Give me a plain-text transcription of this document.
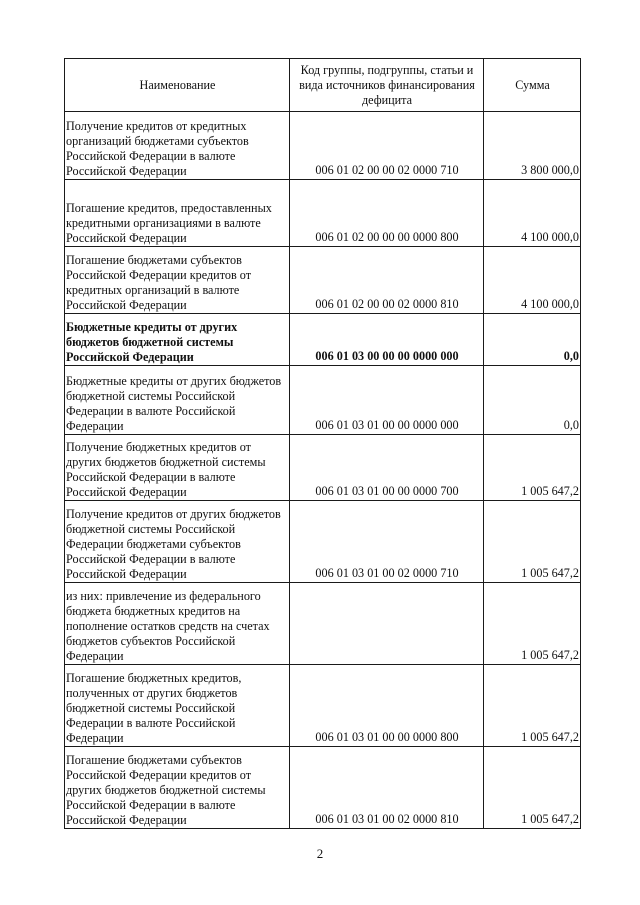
Наименование	Код группы, подгруппы, статьи и вида источников финансирования дефицита	Сумма
Получение кредитов от кредитных организаций бюджетами субъектов Российской Федерации в валюте Российской Федерации	006 01 02 00 00 02 0000 710	3 800 000,0
Погашение кредитов, предоставленных кредитными организациями в валюте Российской Федерации	006 01 02 00 00 00 0000 800	4 100 000,0
Погашение бюджетами субъектов Российской Федерации кредитов от кредитных организаций в валюте Российской Федерации	006 01 02 00 00 02 0000 810	4 100 000,0
Бюджетные кредиты от других бюджетов бюджетной системы Российской Федерации	006 01 03 00 00 00 0000 000	0,0
Бюджетные кредиты от других бюджетов бюджетной системы Российской Федерации в валюте Российской Федерации	006 01 03 01 00 00 0000 000	0,0
Получение бюджетных кредитов от других бюджетов бюджетной системы Российской Федерации в валюте Российской Федерации	006 01 03 01 00 00 0000 700	1 005 647,2
Получение кредитов от других бюджетов бюджетной системы Российской Федерации бюджетами субъектов Российской Федерации в валюте Российской Федерации	006 01 03 01 00 02 0000 710	1 005 647,2
из них: привлечение из федерального бюджета бюджетных кредитов на пополнение остатков средств на счетах бюджетов субъектов Российской Федерации		1 005 647,2
Погашение бюджетных кредитов, полученных от других бюджетов бюджетной системы Российской Федерации в валюте Российской Федерации	006 01 03 01 00 00 0000 800	1 005 647,2
Погашение бюджетами субъектов Российской Федерации кредитов от других бюджетов бюджетной системы Российской Федерации в валюте Российской Федерации	006 01 03 01 00 02 0000 810	1 005 647,2
2
